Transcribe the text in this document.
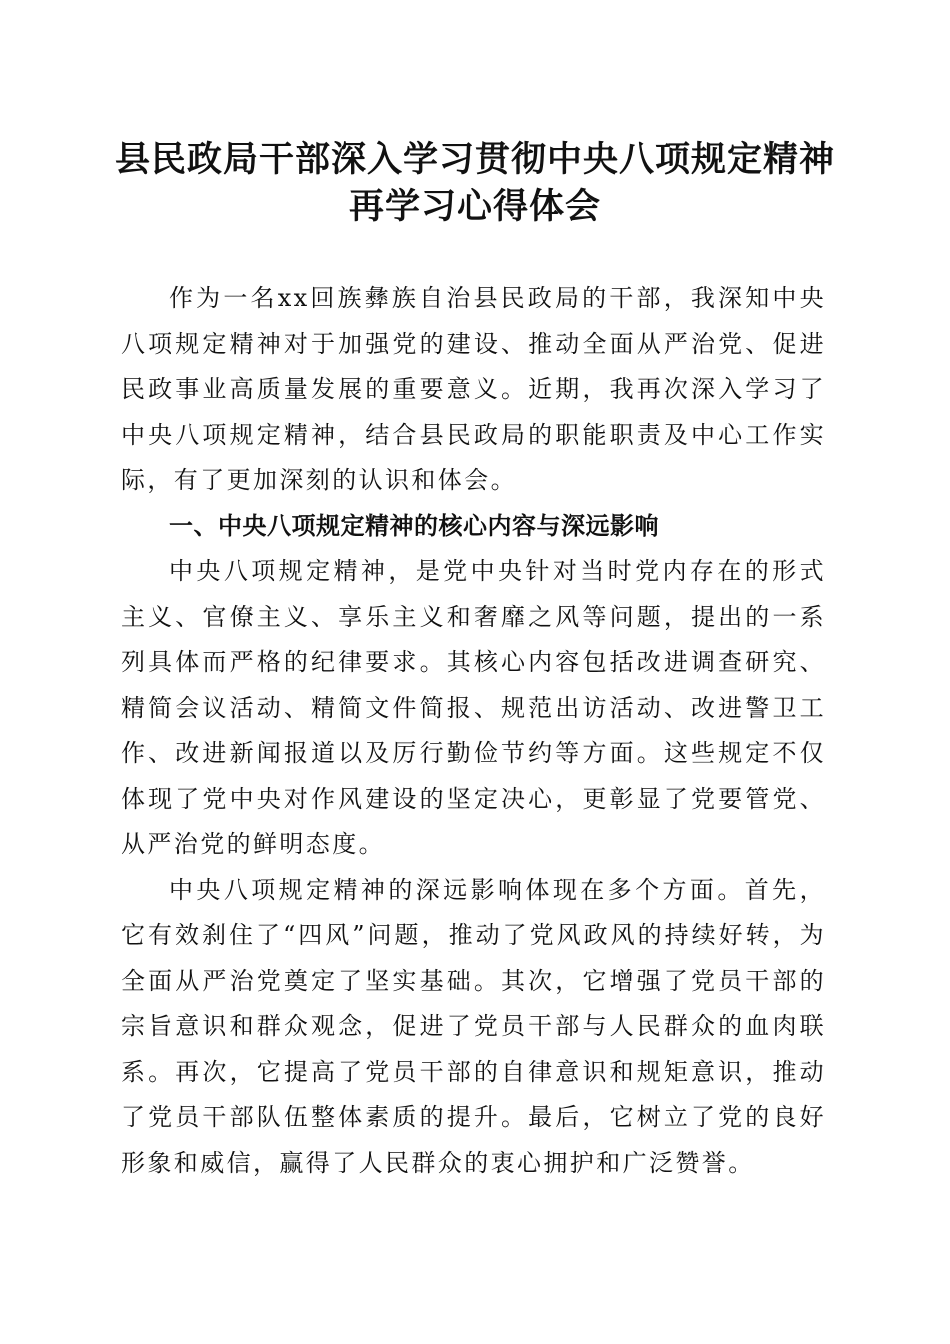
县民政局干部深入学习贯彻中央八项规定精神
再学习心得体会

作为一名xx回族彝族自治县民政局的干部，我深知中央八项规定精神对于加强党的建设、推动全面从严治党、促进民政事业高质量发展的重要意义。近期，我再次深入学习了中央八项规定精神，结合县民政局的职能职责及中心工作实际，有了更加深刻的认识和体会。

一、中央八项规定精神的核心内容与深远影响

中央八项规定精神，是党中央针对当时党内存在的形式主义、官僚主义、享乐主义和奢靡之风等问题，提出的一系列具体而严格的纪律要求。其核心内容包括改进调查研究、精简会议活动、精简文件简报、规范出访活动、改进警卫工作、改进新闻报道以及厉行勤俭节约等方面。这些规定不仅体现了党中央对作风建设的坚定决心，更彰显了党要管党、从严治党的鲜明态度。

中央八项规定精神的深远影响体现在多个方面。首先，它有效刹住了“四风”问题，推动了党风政风的持续好转，为全面从严治党奠定了坚实基础。其次，它增强了党员干部的宗旨意识和群众观念，促进了党员干部与人民群众的血肉联系。再次，它提高了党员干部的自律意识和规矩意识，推动了党员干部队伍整体素质的提升。最后，它树立了党的良好形象和威信，赢得了人民群众的衷心拥护和广泛赞誉。
